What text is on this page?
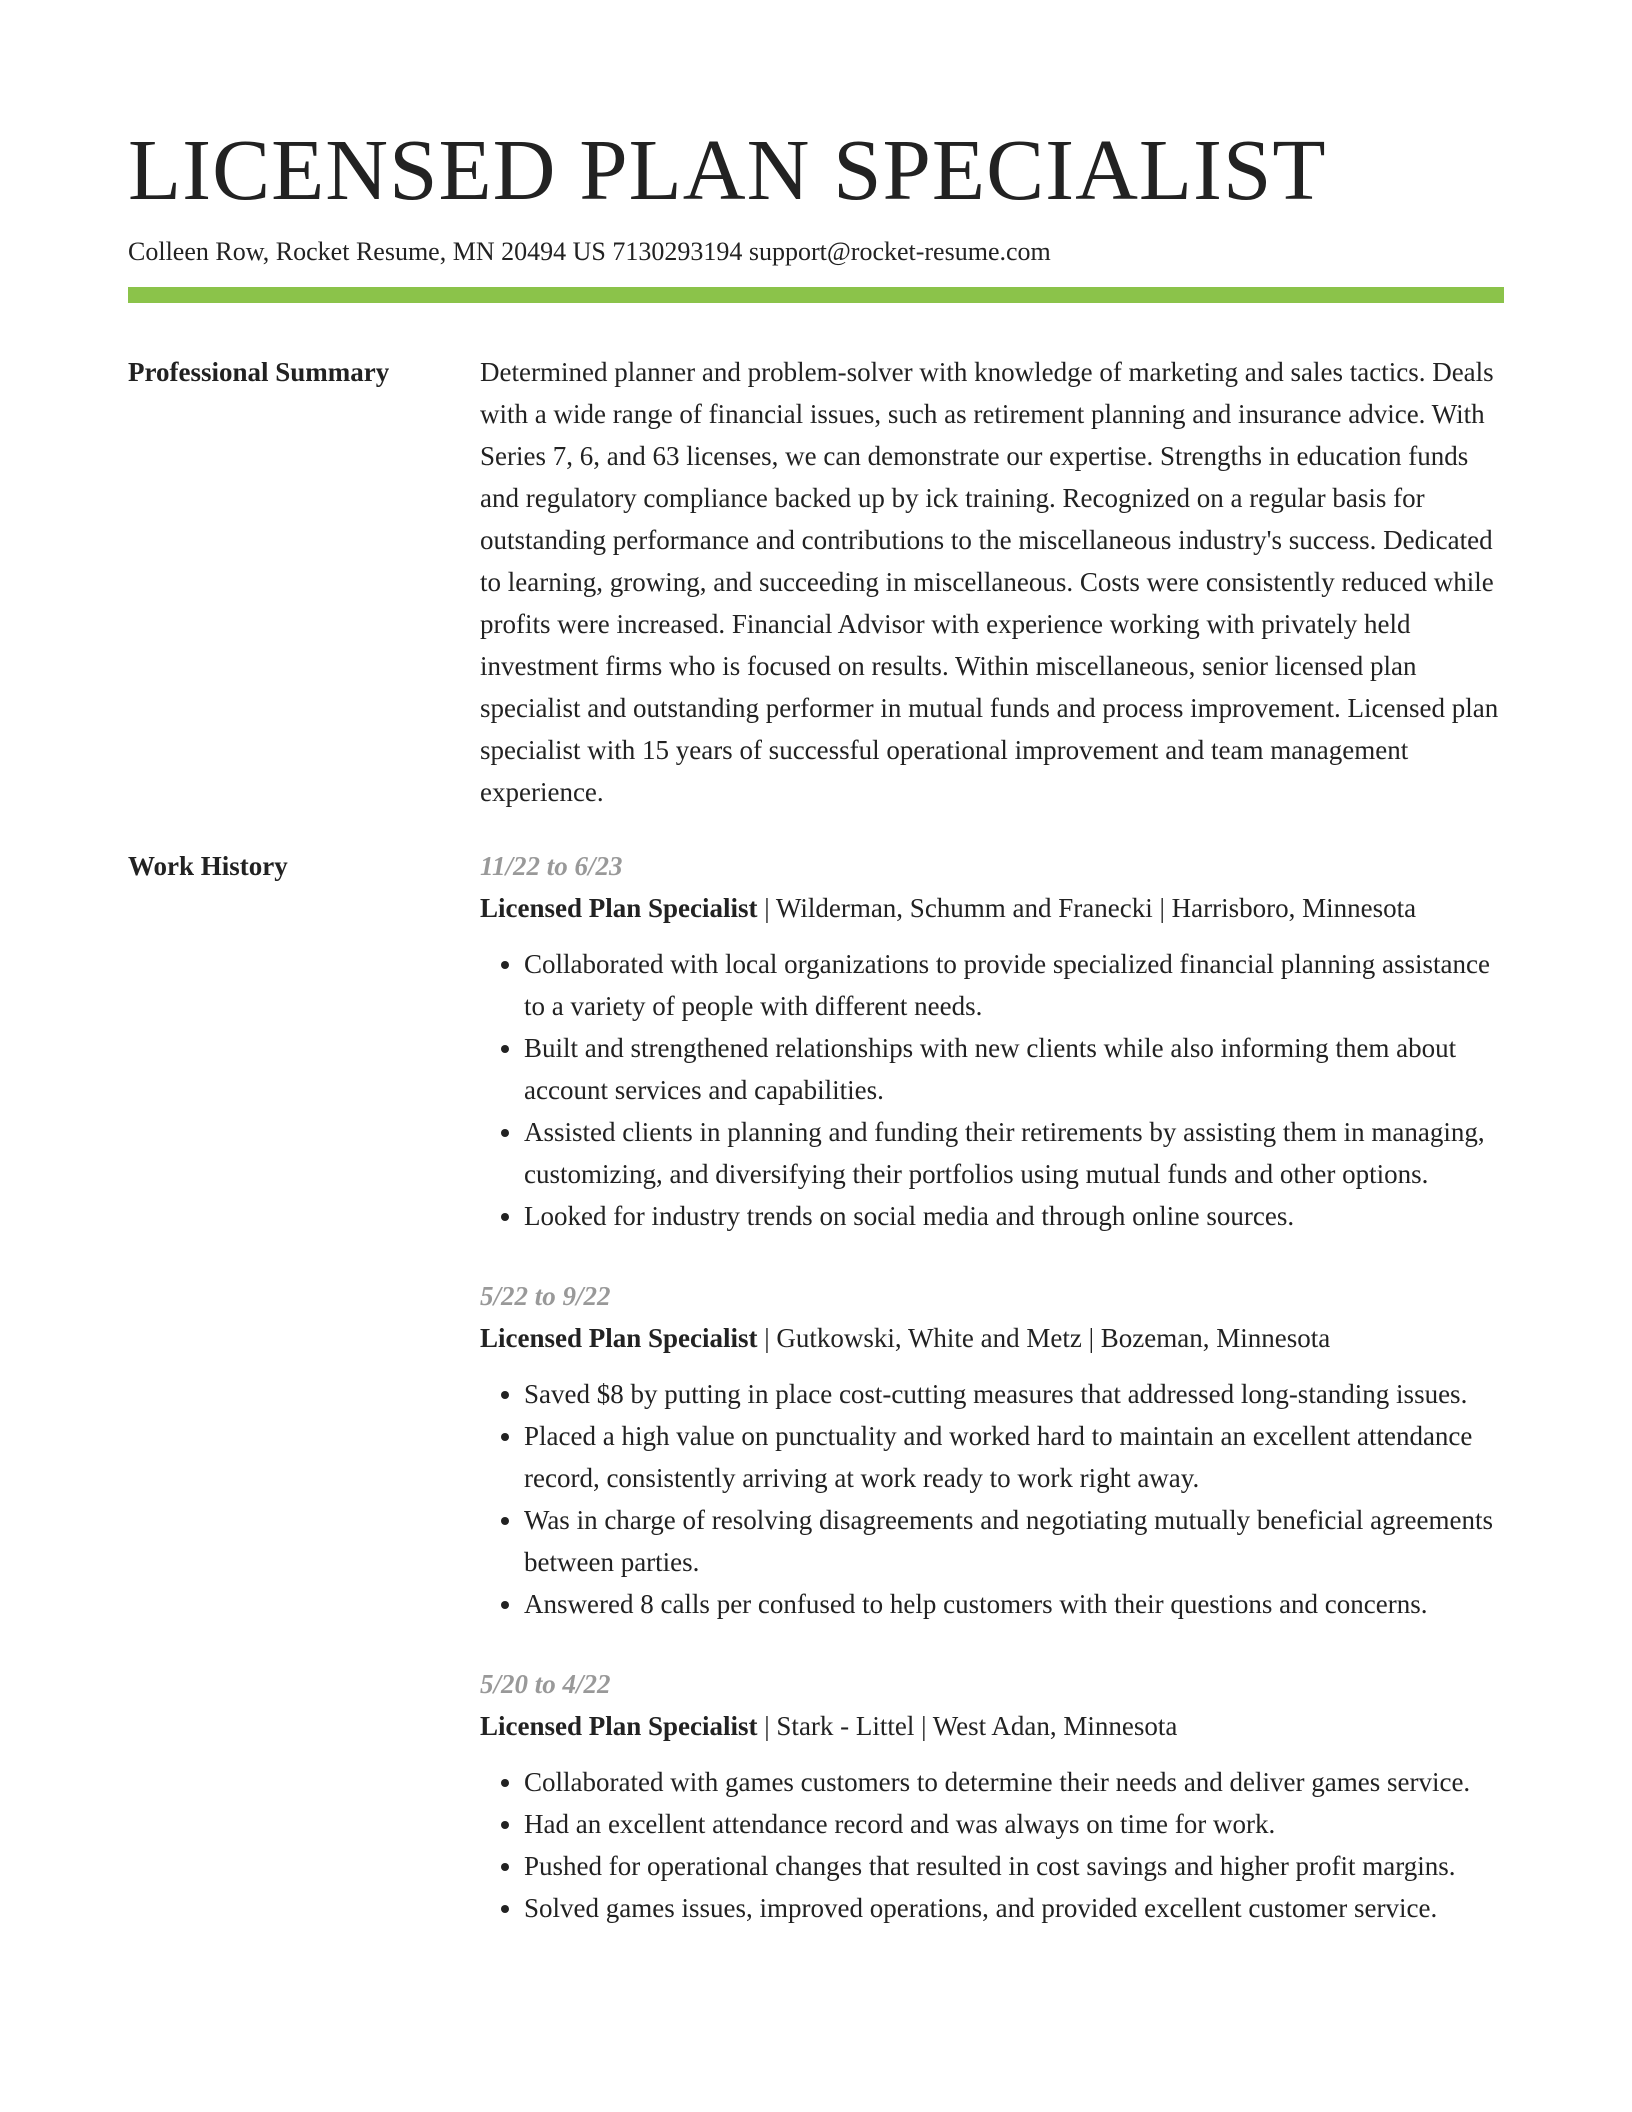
LICENSED PLAN SPECIALIST
Colleen Row, Rocket Resume, MN 20494 US 7130293194 support@rocket-resume.com
Professional Summary	Determined planner and problem-solver with knowledge of marketing and sales tactics. Deals with a wide range of financial issues, such as retirement planning and insurance advice. With Series 7, 6, and 63 licenses, we can demonstrate our expertise. Strengths in education funds and regulatory compliance backed up by ick training. Recognized on a regular basis for outstanding performance and contributions to the miscellaneous industry's success. Dedicated to learning, growing, and succeeding in miscellaneous. Costs were consistently reduced while profits were increased. Financial Advisor with experience working with privately held investment firms who is focused on results. Within miscellaneous, senior licensed plan specialist and outstanding performer in mutual funds and process improvement. Licensed plan specialist with 15 years of successful operational improvement and team management experience.

Work History	11/22 to 6/23
Licensed Plan Specialist | Wilderman, Schumm and Franecki | Harrisboro, Minnesota
• Collaborated with local organizations to provide specialized financial planning assistance to a variety of people with different needs.
• Built and strengthened relationships with new clients while also informing them about account services and capabilities.
• Assisted clients in planning and funding their retirements by assisting them in managing, customizing, and diversifying their portfolios using mutual funds and other options.
• Looked for industry trends on social media and through online sources.
5/22 to 9/22
Licensed Plan Specialist | Gutkowski, White and Metz | Bozeman, Minnesota
• Saved $8 by putting in place cost-cutting measures that addressed long-standing issues.
• Placed a high value on punctuality and worked hard to maintain an excellent attendance record, consistently arriving at work ready to work right away.
• Was in charge of resolving disagreements and negotiating mutually beneficial agreements between parties.
• Answered 8 calls per confused to help customers with their questions and concerns.
5/20 to 4/22
Licensed Plan Specialist | Stark - Littel | West Adan, Minnesota
• Collaborated with games customers to determine their needs and deliver games service.
• Had an excellent attendance record and was always on time for work.
• Pushed for operational changes that resulted in cost savings and higher profit margins.
• Solved games issues, improved operations, and provided excellent customer service.
